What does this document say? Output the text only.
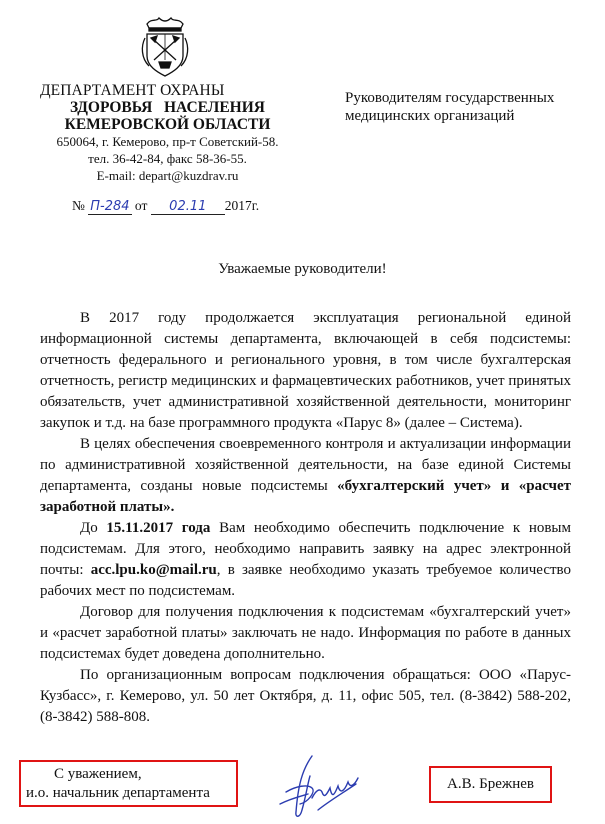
ДЕПАРТАМЕНТ ОХРАНЫ
ЗДОРОВЬЯ   НАСЕЛЕНИЯ
КЕМЕРОВСКОЙ ОБЛАСТИ
650064, г. Кемерово, пр-т Советский-58.
тел. 36-42-84, факс 58-36-55.
E-mail: depart@kuzdrav.ru
Руководителям государственных
медицинских организаций
№ П-284 от 02.11 2017г.
Уважаемые руководители!

В 2017 году продолжается эксплуатация региональной единой информационной системы департамента, включающей в себя подсистемы: отчетность федерального и регионального уровня, в том числе бухгалтерская отчетность, регистр медицинских и фармацевтических работников, учет принятых обязательств, учет административной хозяйственной деятельности, мониторинг закупок и т.д. на базе программного продукта «Парус 8» (далее – Система).

В целях обеспечения своевременного контроля и актуализации информации по административной хозяйственной деятельности, на базе единой Системы департамента, созданы новые подсистемы «бухгалтерский учет» и «расчет заработной платы».

До 15.11.2017 года Вам необходимо обеспечить подключение к новым подсистемам. Для этого, необходимо направить заявку на адрес электронной почты: acc.lpu.ko@mail.ru, в заявке необходимо указать требуемое количество рабочих мест по подсистемам.

Договор для получения подключения к подсистемам «бухгалтерский учет» и «расчет заработной платы» заключать не надо. Информация по работе в данных подсистемах будет доведена дополнительно.

По организационным вопросам подключения обращаться: ООО «Парус-Кузбасс», г. Кемерово, ул. 50 лет Октября, д. 11, офис 505, тел. (8-3842) 588-202, (8-3842) 588-808.

С уважением,
и.о. начальник департамента
А.В. Брежнев
